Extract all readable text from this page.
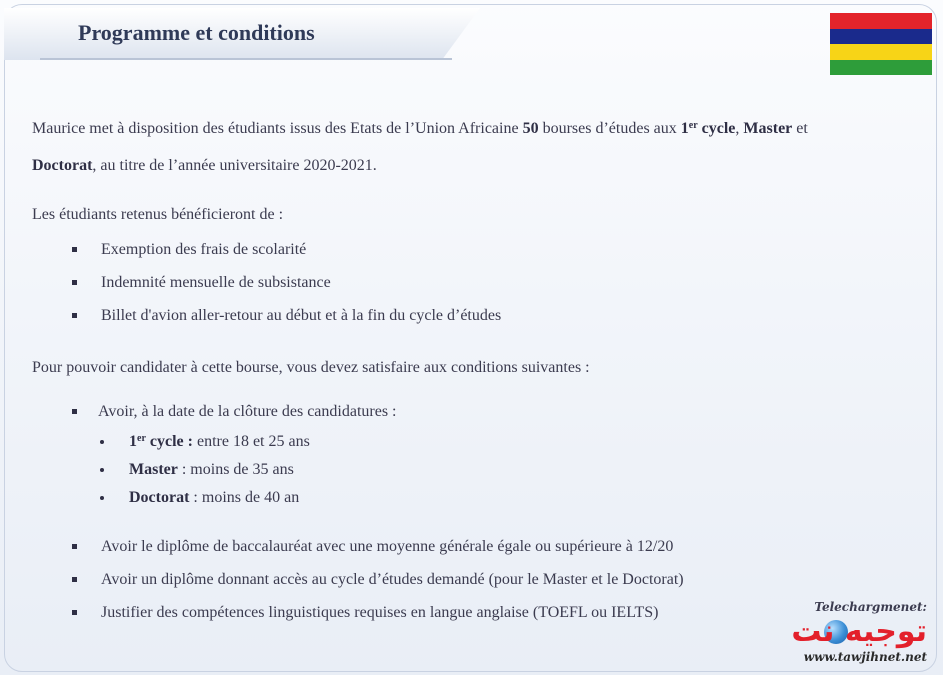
Programme et conditions

Maurice met à disposition des étudiants issus des Etats de l’Union Africaine 50 bourses d’études aux 1er cycle, Master et
Doctorat, au titre de l’année universitaire 2020-2021.

Les étudiants retenus bénéficieront de :

Exemption des frais de scolarité
Indemnité mensuelle de subsistance
Billet d'avion aller-retour au début et à la fin du cycle d’études

Pour pouvoir candidater à cette bourse, vous devez satisfaire aux conditions suivantes :

Avoir, à la date de la clôture des candidatures :
1er cycle : entre 18 et 25 ans
Master : moins de 35 ans
Doctorat : moins de 40 an
Avoir le diplôme de baccalauréat avec une moyenne générale égale ou supérieure à 12/20
Avoir un diplôme donnant accès au cycle d’études demandé (pour le Master et le Doctorat)
Justifier des compétences linguistiques requises en langue anglaise (TOEFL ou IELTS)	Telechargmenet:
توجيه نت
www.tawjihnet.net
